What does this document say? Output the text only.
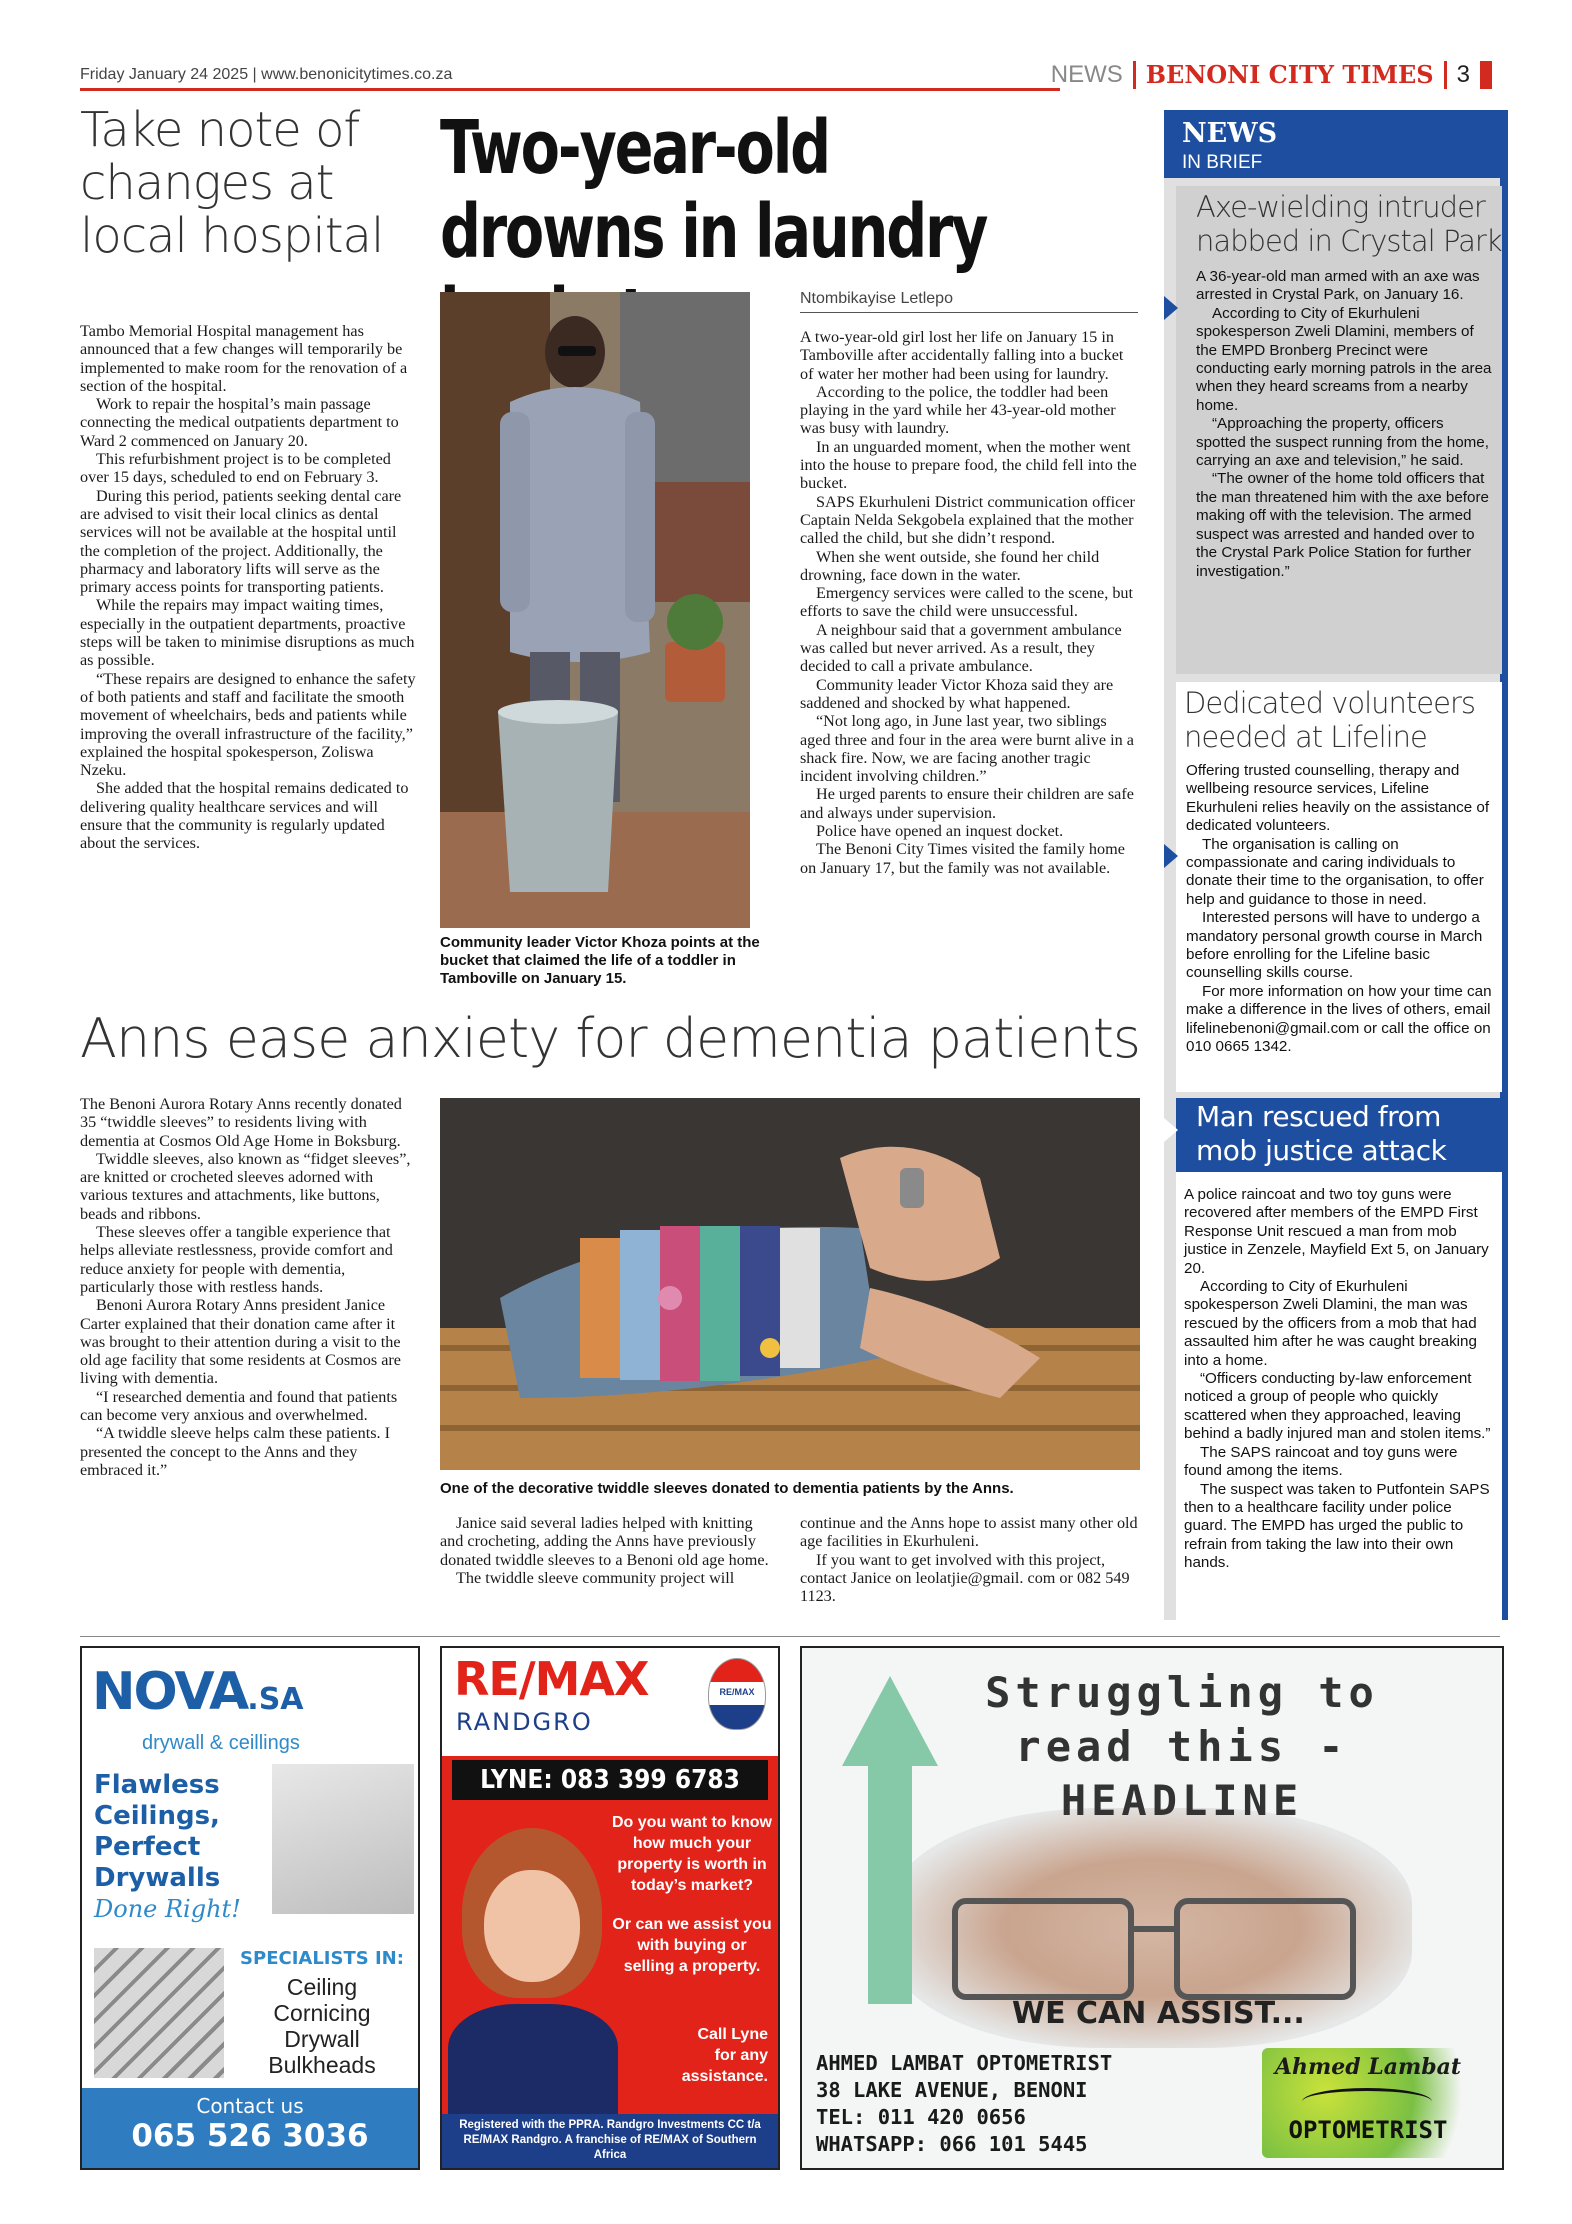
Friday January 24 2025 | www.benonicitytimes.co.za	NEWS BENONI CITY TIMES 3
Take note of changes at local hospital

Tambo Memorial Hospital management has announced that a few changes will temporarily be implemented to make room for the renovation of a section of the hospital.

Work to repair the hospital’s main passage connecting the medical outpatients department to Ward 2 commenced on January 20.

This refurbishment project is to be completed over 15 days, scheduled to end on February 3.

During this period, patients seeking dental care are advised to visit their local clinics as dental services will not be available at the hospital until the completion of the project. Additionally, the pharmacy and laboratory lifts will serve as the primary access points for transporting patients.

While the repairs may impact waiting times, especially in the outpatient departments, proactive steps will be taken to minimise disruptions as much as possible.

“These repairs are designed to enhance the safety of both patients and staff and facilitate the smooth movement of wheelchairs, beds and patients while improving the overall infrastructure of the facility,” explained the hospital spokesperson, Zoliswa Nzeku.

She added that the hospital remains dedicated to delivering quality healthcare services and will ensure that the community is regularly updated about the services.

Two-year-old drowns in laundry
Community leader Victor Khoza points at the bucket that claimed the life of a toddler in Tamboville on January 15.
Ntombikayise Letlepo

A two-year-old girl lost her life on January 15 in Tamboville after accidentally falling into a bucket of water her mother had been using for laundry.

According to the police, the toddler had been playing in the yard while her 43-year-old mother was busy with laundry.

In an unguarded moment, when the mother went into the house to prepare food, the child fell into the bucket.

SAPS Ekurhuleni District communication officer Captain Nelda Sekgobela explained that the mother called the child, but she didn’t respond.

When she went outside, she found her child drowning, face down in the water.

Emergency services were called to the scene, but efforts to save the child were unsuccessful.

A neighbour said that a government ambulance was called but never arrived. As a result, they decided to call a private ambulance.

Community leader Victor Khoza said they are saddened and shocked by what happened.

“Not long ago, in June last year, two siblings aged three and four in the area were burnt alive in a shack fire. Now, we are facing another tragic incident involving children.”

He urged parents to ensure their children are safe and always under supervision.

Police have opened an inquest docket.

The Benoni City Times visited the family home on January 17, but the family was not available.

Anns ease anxiety for dementia patients

The Benoni Aurora Rotary Anns recently donated 35 “twiddle sleeves” to residents living with dementia at Cosmos Old Age Home in Boksburg.

Twiddle sleeves, also known as “fidget sleeves”, are knitted or crocheted sleeves adorned with various textures and attachments, like buttons, beads and ribbons.

These sleeves offer a tangible experience that helps alleviate restlessness, provide comfort and reduce anxiety for people with dementia, particularly those with restless hands.

Benoni Aurora Rotary Anns president Janice Carter explained that their donation came after it was brought to their attention during a visit to the old age facility that some residents at Cosmos are living with dementia.

“I researched dementia and found that patients can become very anxious and overwhelmed.

“A twiddle sleeve helps calm these patients. I presented the concept to the Anns and they embraced it.”

One of the decorative twiddle sleeves donated to dementia patients by the Anns.

Janice said several ladies helped with knitting and crocheting, adding the Anns have previously donated twiddle sleeves to a Benoni old age home.

The twiddle sleeve community project will

continue and the Anns hope to assist many other old age facilities in Ekurhuleni.

If you want to get involved with this project, contact Janice on leolatjie@gmail. com or 082 549 1123.

NEWS
IN BRIEF
Axe-wielding intruder nabbed in Crystal Park

A 36-year-old man armed with an axe was arrested in Crystal Park, on January 16.

According to City of Ekurhuleni spokesperson Zweli Dlamini, members of the EMPD Bronberg Precinct were conducting early morning patrols in the area when they heard screams from a nearby home.

“Approaching the property, officers spotted the suspect running from the home, carrying an axe and television,” he said.

“The owner of the home told officers that the man threatened him with the axe before making off with the television. The armed suspect was arrested and handed over to the Crystal Park Police Station for further investigation.”

Dedicated volunteers needed at Lifeline

Offering trusted counselling, therapy and wellbeing resource services, Lifeline Ekurhuleni relies heavily on the assistance of dedicated volunteers.

The organisation is calling on compassionate and caring individuals to donate their time to the organisation, to offer help and guidance to those in need.

Interested persons will have to undergo a mandatory personal growth course in March before enrolling for the Lifeline basic counselling skills course.

For more information on how your time can make a difference in the lives of others, email lifelinebenoni@gmail.com or call the office on 010 0665 1342.

Man rescued from mob justice attack

A police raincoat and two toy guns were recovered after members of the EMPD First Response Unit rescued a man from mob justice in Zenzele, Mayfield Ext 5, on January 20.

According to City of Ekurhuleni spokesperson Zweli Dlamini, the man was rescued by the officers from a mob that had assaulted him after he was caught breaking into a home.

“Officers conducting by-law enforcement noticed a group of people who quickly scattered when they approached, leaving behind a badly injured man and stolen items.”

The SAPS raincoat and toy guns were found among the items.

The suspect was taken to Putfontein SAPS then to a healthcare facility under police guard. The EMPD has urged the public to refrain from taking the law into their own hands.

NOVA .SA
drywall & ceillings
Flawless
Ceilings,
Perfect
Drywalls
Done Right!
SPECIALISTS IN:
Ceiling
Cornicing
Drywall
Bulkheads
Contact us
065 526 3036
RE/MAX
RANDGRO
RE/MAX
LYNE: 083 399 6783
Do you want to know how much your property is worth in today’s market?
Or can we assist you with buying or selling a property.
Call Lyne for any assistance.
Registered with the PPRA. Randgro Investments CC t/a RE/MAX Randgro. A franchise of RE/MAX of Southern Africa
Struggling to
read this -
HEADLINE
WE CAN ASSIST...
AHMED LAMBAT OPTOMETRIST
38 LAKE AVENUE, BENONI
TEL: 011 420 0656
WHATSAPP: 066 101 5445
Ahmed Lambat
OPTOMETRIST
